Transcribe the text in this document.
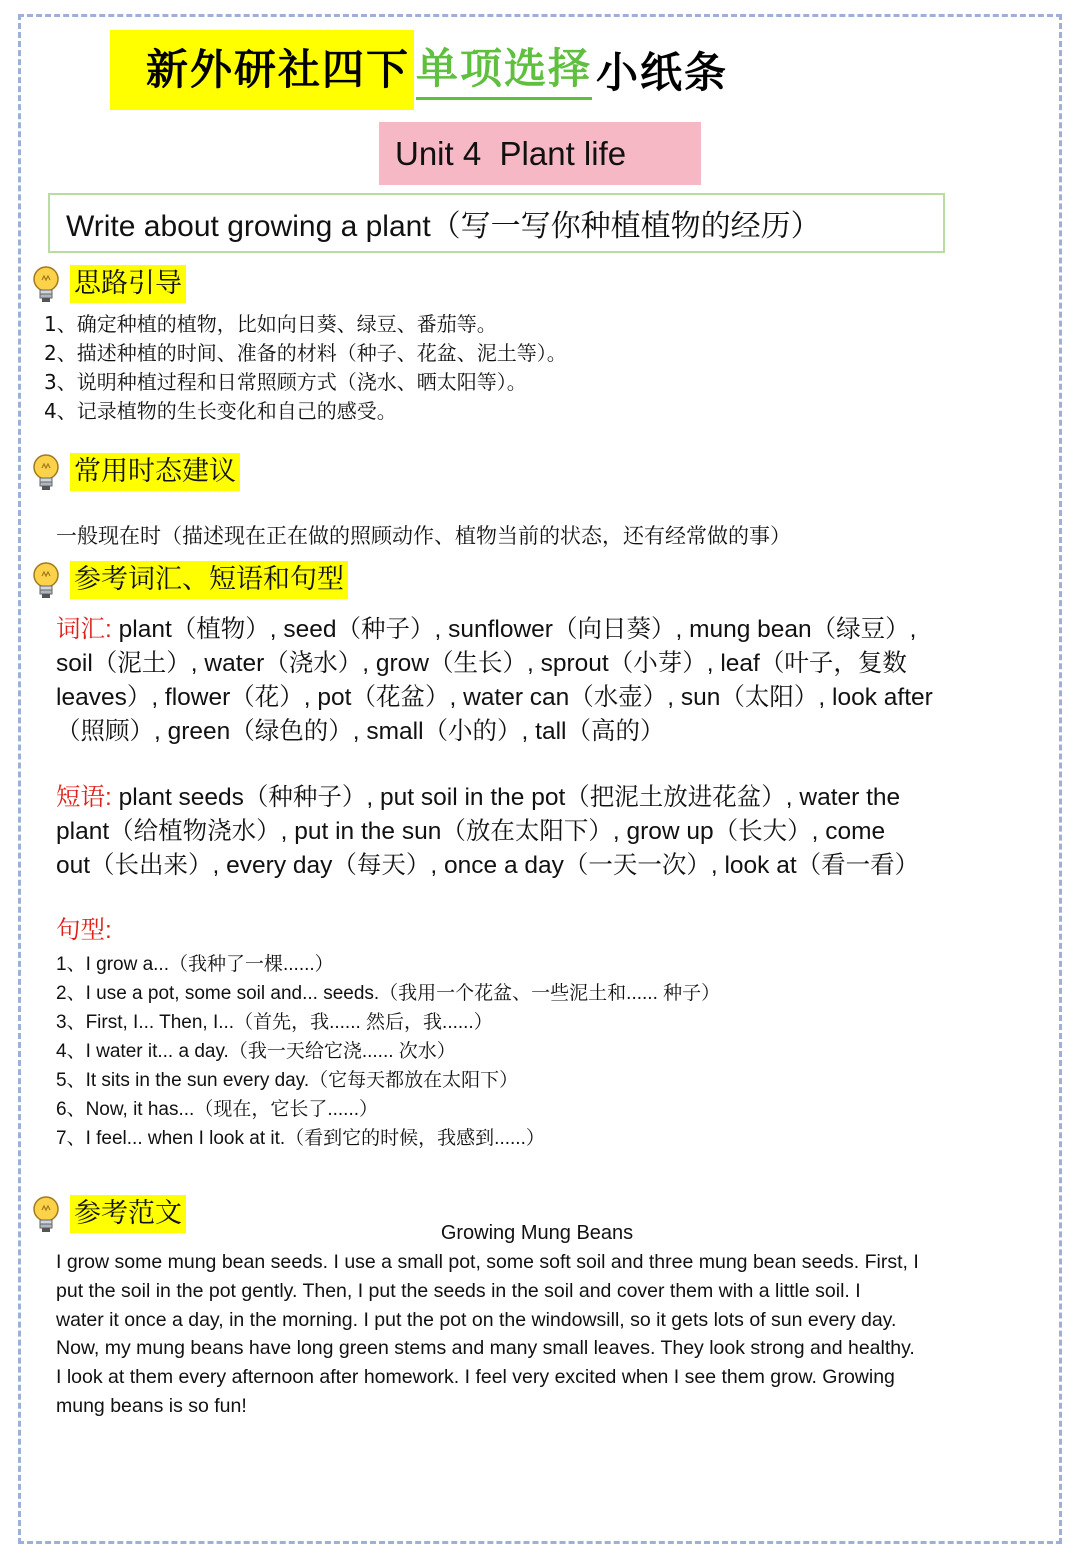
新外研社四下 单项选择 小纸条
Unit 4  Plant life
Write about growing a plant（写一写你种植植物的经历）
思路引导
1、确定种植的植物，比如向日葵、绿豆、番茄等。
2、描述种植的时间、准备的材料（种子、花盆、泥土等）。
3、说明种植过程和日常照顾方式（浇水、晒太阳等）。
4、记录植物的生长变化和自己的感受。
常用时态建议
一般现在时（描述现在正在做的照顾动作、植物当前的状态，还有经常做的事）
参考词汇、短语和句型
词汇: plant（植物）, seed（种子）, sunflower（向日葵）, mung bean（绿豆）,
soil（泥土）, water（浇水）, grow（生长）, sprout（小芽）, leaf（叶子，复数
leaves）, flower（花）, pot（花盆）, water can（水壶）, sun（太阳）, look after
（照顾）, green（绿色的）, small（小的）, tall（高的）
短语: plant seeds（种种子）, put soil in the pot（把泥土放进花盆）, water the
plant（给植物浇水）, put in the sun（放在太阳下）, grow up（长大）, come
out（长出来）, every day（每天）, once a day（一天一次）, look at（看一看）
句型:
1、I grow a...（我种了一棵......）
2、I use a pot, some soil and... seeds.（我用一个花盆、一些泥土和...... 种子）
3、First, I... Then, I...（首先，我...... 然后，我......）
4、I water it... a day.（我一天给它浇...... 次水）
5、It sits in the sun every day.（它每天都放在太阳下）
6、Now, it has...（现在，它长了......）
7、I feel... when I look at it.（看到它的时候，我感到......）
参考范文
Growing Mung Beans
I grow some mung bean seeds. I use a small pot, some soft soil and three mung bean seeds. First, I
put the soil in the pot gently. Then, I put the seeds in the soil and cover them with a little soil. I
water it once a day, in the morning. I put the pot on the windowsill, so it gets lots of sun every day.
Now, my mung beans have long green stems and many small leaves. They look strong and healthy.
I look at them every afternoon after homework. I feel very excited when I see them grow. Growing
mung beans is so fun!
